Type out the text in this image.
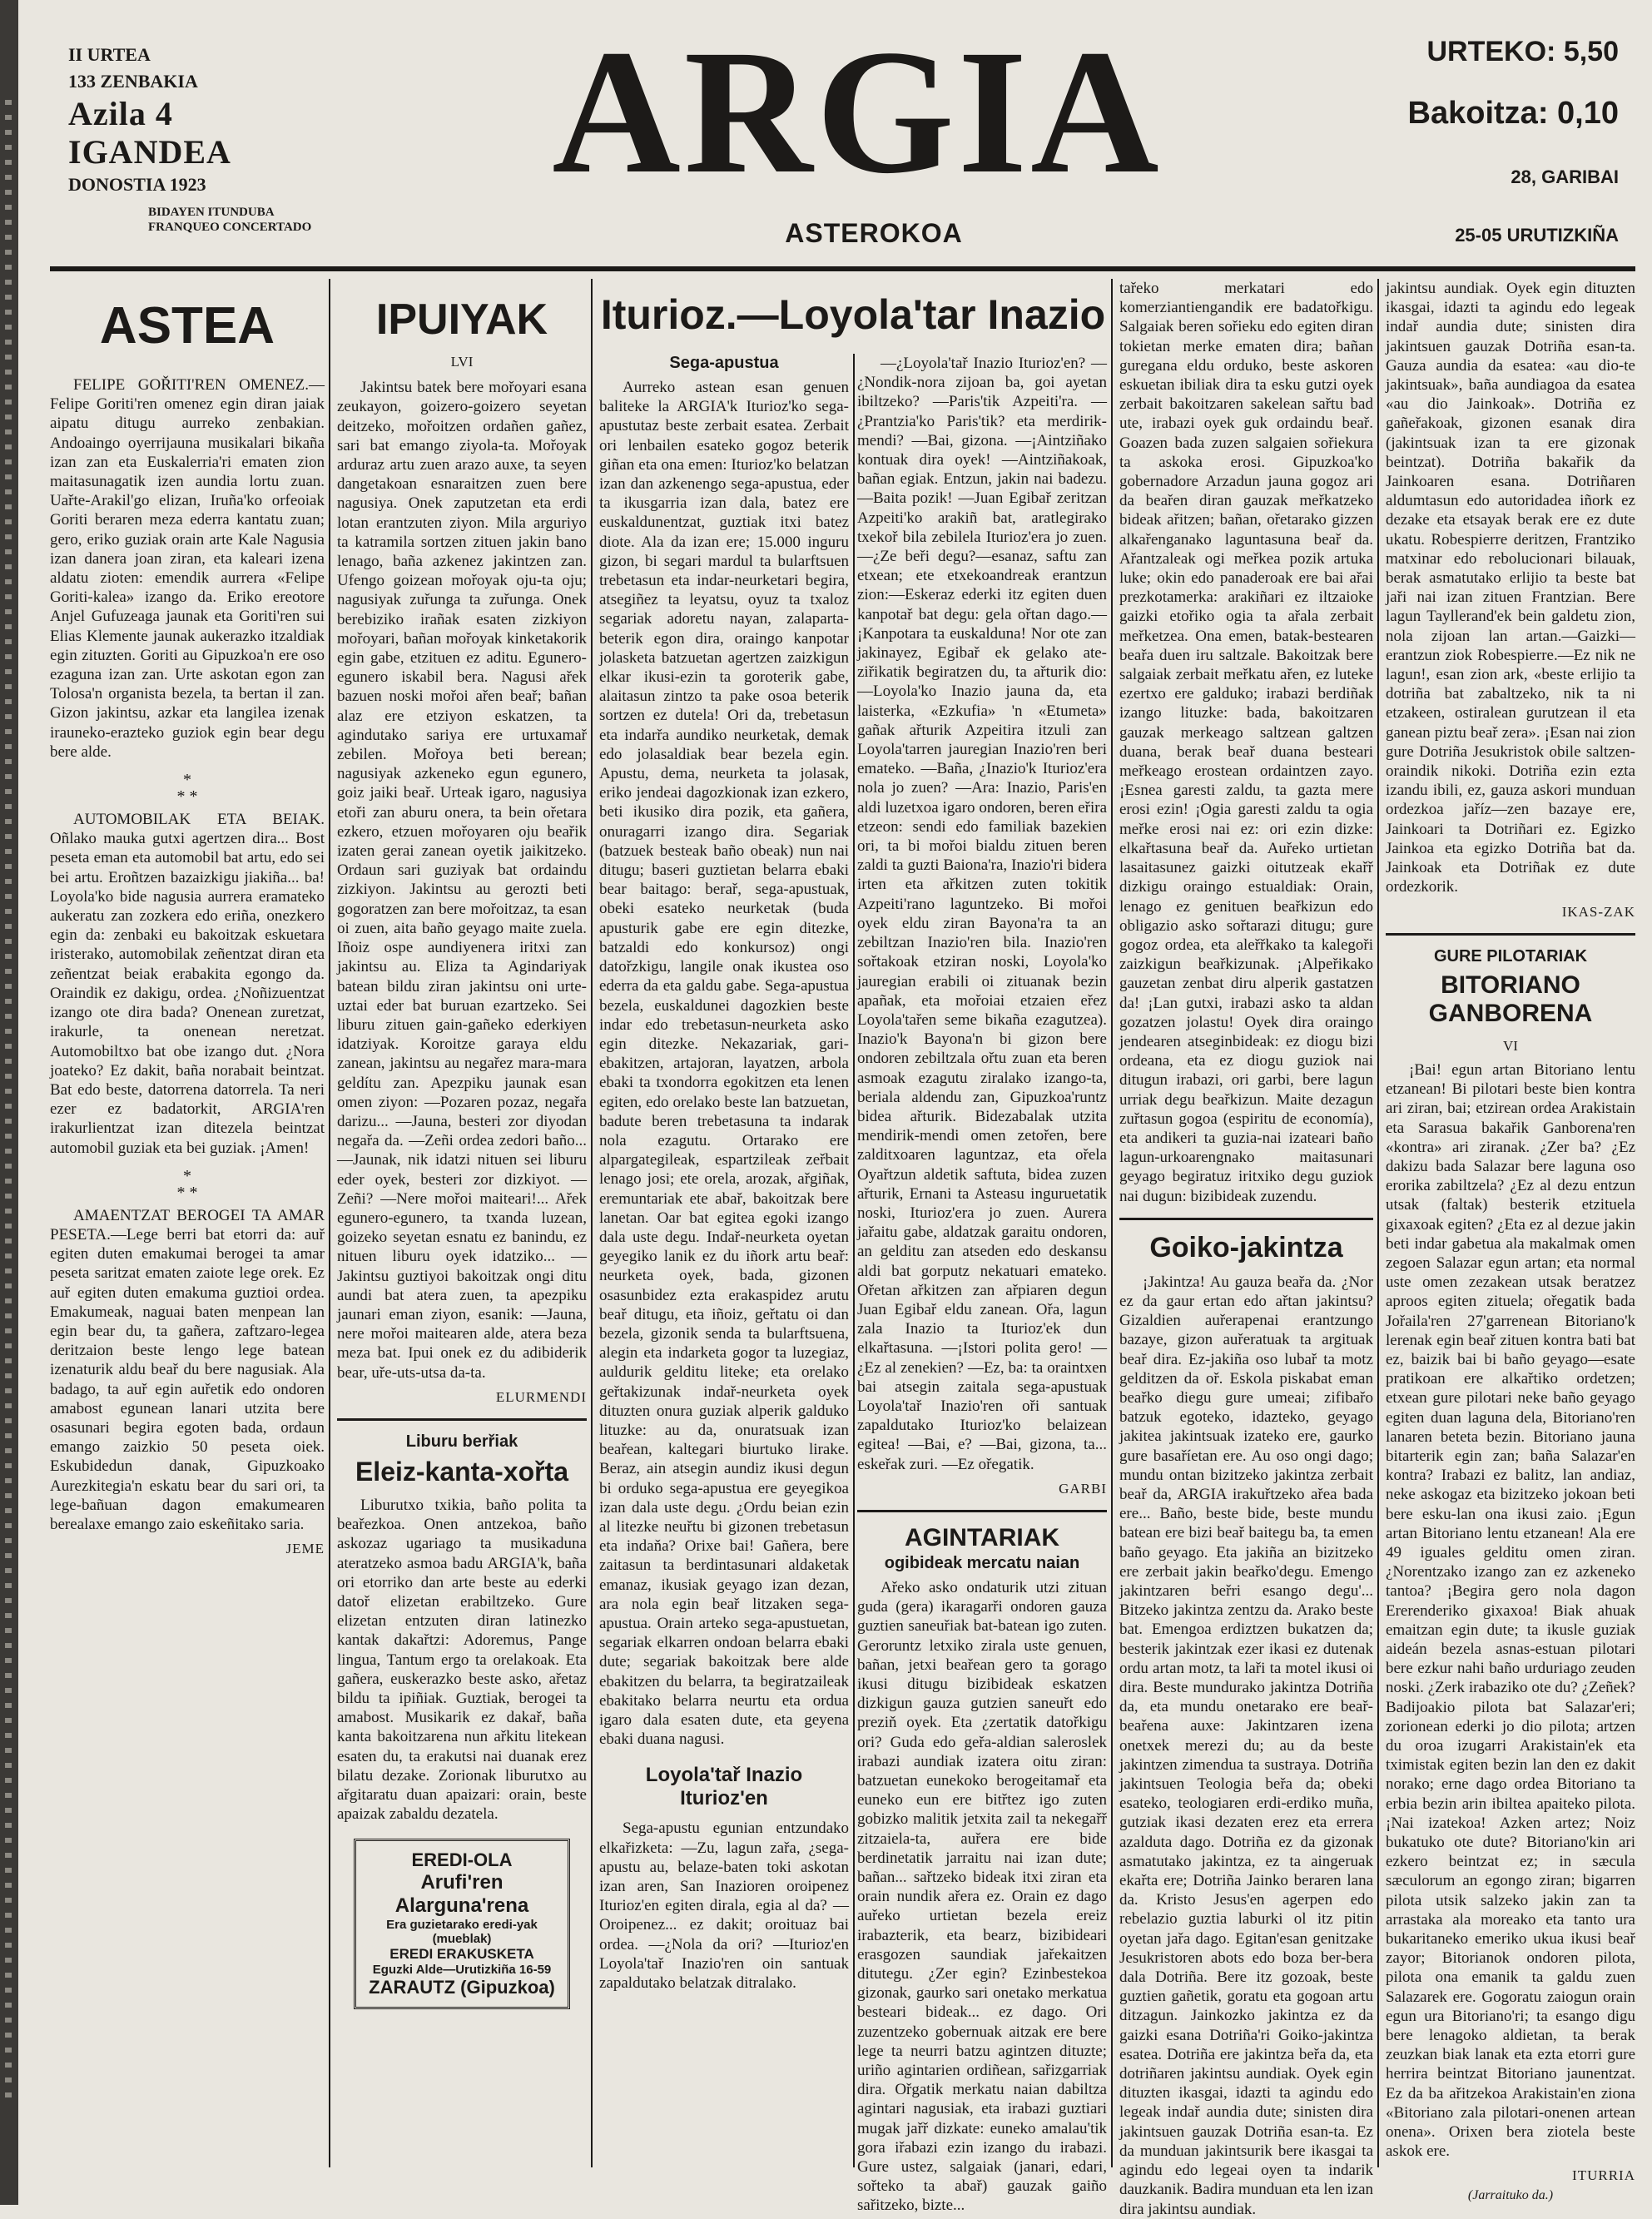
II URTEA
133 ZENBAKIA
Azila 4
IGANDEA
DONOSTIA 1923
BIDAYEN ITUNDUBA
FRANQUEO CONCERTADO
ARGIA
ASTEROKOA
URTEKO: 5,50
Bakoitza: 0,10
28, GARIBAI
25-05 URUTIZKIÑA
ASTEA

FELIPE GOŘITI'REN OMENEZ.—Felipe Goriti'ren omenez egin diran jaiak aipatu ditugu aurreko zenbakian. Andoaingo oyerrijauna musikalari bikaña izan zan eta Euskalerria'ri ematen zion maitasunagatik izen aundia lortu zuan. Uařte-Arakil'go elizan, Iruña'ko orfeoiak Goriti beraren meza ederra kantatu zuan; gero, eriko guziak orain arte Kale Nagusia izan danera joan ziran, eta kaleari izena aldatu zioten: emendik aurrera «Felipe Goriti-kalea» izango da. Eriko ereotore Anjel Gufuzeaga jaunak eta Goriti'ren sui Elias Klemente jaunak aukerazko itzaldiak egin zituzten. Goriti au Gipuzkoa'n ere oso ezaguna izan zan. Urte askotan egon zan Tolosa'n organista bezela, ta bertan il zan. Gizon jakintsu, azkar eta langilea izenak irauneko-erazteko guziok egin bear degu bere alde.

*
* *

AUTOMOBILAK ETA BEIAK. Oñlako mauka gutxi agertzen dira... Bost peseta eman eta automobil bat artu, edo sei bei artu. Eroñtzen bazaizkigu jiakiña... ba! Loyola'ko bide nagusia aurrera eramateko aukeratu zan zozkera edo eriña, onezkero egin da: zenbaki eu bakoitzak eskuetara iristerako, automobilak zeñentzat diran eta zeñentzat beiak erabakita egongo da. Oraindik ez dakigu, ordea. ¿Noñizuentzat izango ote dira bada? Onenean zuretzat, irakurle, ta onenean neretzat. Automobiltxo bat obe izango dut. ¿Nora joateko? Ez dakit, baña norabait beintzat. Bat edo beste, datorrena datorrela. Ta neri ezer ez badatorkit, ARGIA'ren irakurlientzat izan ditezela beintzat automobil guziak eta bei guziak. ¡Amen!

*
* *

AMAENTZAT BEROGEI TA AMAR PESETA.—Lege berri bat etorri da: auř egiten duten emakumai berogei ta amar peseta saritzat ematen zaiote lege orek. Ez auř egiten duten emakuma guztioi ordea. Emakumeak, naguai baten menpean lan egin bear du, ta gañera, zaftzaro-legea deritzaion beste lengo lege batean izenaturik aldu beař du bere nagusiak. Ala badago, ta auř egin auřetik edo ondoren amabost egunean lanari utzita bere osasunari begira egoten bada, ordaun emango zaizkio 50 peseta oiek. Eskubidedun danak, Gipuzkoako Aurezkitegia'n eskatu bear du sari ori, ta lege-bañuan dagon emakumearen berealaxe emango zaio eskeñitako saria.

JEME

IPUIYAK

LVI

Jakintsu batek bere mořoyari esana zeukayon, goizero-goizero seyetan deitzeko, mořoitzen ordañen gañez, sari bat emango ziyola-ta. Mořoyak arduraz artu zuen arazo auxe, ta seyen dangetakoan esnaraitzen zuen bere nagusiya. Onek zaputzetan eta erdi lotan erantzuten ziyon. Mila arguriyo ta katramila sortzen zituen jakin bano lenago, baña azkenez jakintzen zan. Ufengo goizean mořoyak oju-ta oju; nagusiyak zuřunga ta zuřunga. Onek berebiziko irañak esaten zizkiyon mořoyari, bañan mořoyak kinketakorik egin gabe, etzituen ez aditu. Egunero-egunero iskabil bera. Nagusi ařek bazuen noski mořoi ařen beař; bañan alaz ere etziyon eskatzen, ta agindutako sariya ere urtuxamař zebilen. Mořoya beti berean; nagusiyak azkeneko egun egunero, goiz jaiki beař. Urteak igaro, nagusiya etoři zan aburu onera, ta bein ořetara ezkero, etzuen mořoyaren oju beařik izaten gerai zanean oyetik jaikitzeko. Ordaun sari guziyak bat ordaindu zizkiyon. Jakintsu au gerozti beti gogoratzen zan bere mořoitzaz, ta esan oi zuen, aita baño geyago maite zuela. Iñoiz ospe aundiyenera iritxi zan jakintsu au. Eliza ta Agindariyak batean bildu ziran jakintsu oni urte-uztai eder bat buruan ezartzeko. Sei liburu zituen gain-gañeko ederkiyen idatziyak. Koroitze garaya eldu zanean, jakintsu au negařez mara-mara geldítu zan. Apezpiku jaunak esan omen ziyon: —Pozaren pozaz, negařa darizu... —Jauna, besteri zor diyodan negařa da. —Zeñi ordea zedori baño... —Jaunak, nik idatzi nituen sei liburu eder oyek, besteri zor dizkiyot. —Zeñi? —Nere mořoi maiteari!... Ařek egunero-egunero, ta txanda luzean, goizeko seyetan esnatu ez banindu, ez nituen liburu oyek idatziko... —Jakintsu guztiyoi bakoitzak ongi ditu aundi bat atera zuen, ta apezpiku jaunari eman ziyon, esanik: —Jauna, nere mořoi maitearen alde, atera beza meza bat. Ipui onek ez du adibiderik bear, uře-uts-utsa da-ta.

ELURMENDI

Liburu berřiak
Eleiz-kanta-xořta

Liburutxo txikia, baño polita ta beařezkoa. Onen antzekoa, baño askozaz ugariago ta musikaduna ateratzeko asmoa badu ARGIA'k, baña ori etorriko dan arte beste au ederki datoř elizetan erabiltzeko. Gure elizetan entzuten diran latinezko kantak dakařtzi: Adoremus, Pange lingua, Tantum ergo ta orelakoak. Eta gañera, euskerazko beste asko, ařetaz bildu ta ipiñiak. Guztiak, berogei ta amabost. Musikarik ez dakař, baña kanta bakoitzarena nun ařkitu litekean esaten du, ta erakutsi nai duanak erez bilatu dezake. Zorionak liburutxo au ařgitaratu duan apaizari: orain, beste apaizak zabaldu dezatela.

EREDI-OLA
Arufi'ren Alarguna'rena
Era guzietarako eredi-yak (mueblak)
EREDI ERAKUSKETA
Eguzki Alde—Urutizkiña 16-59
ZARAUTZ (Gipuzkoa)
Iturioz.—Loyola'tar Inazio
Sega-apustua

Aurreko astean esan genuen baliteke la ARGIA'k Iturioz'ko sega-apustutaz beste zerbait esatea. Zerbait ori lenbailen esateko gogoz beterik giñan eta ona emen: Iturioz'ko belatzan izan dan azkenengo sega-apustua, eder ta ikusgarria izan dala, batez ere euskaldunentzat, guztiak itxi batez diote. Ala da izan ere; 15.000 inguru gizon, bi segari mardul ta bularftsuen trebetasun eta indar-neurketari begira, atsegiñez ta leyatsu, oyuz ta txaloz segariak adoretu nayan, zalaparta-beterik egon dira, oraingo kanpotar jolasketa batzuetan agertzen zaizkigun elkar ikusi-ezin ta goroterik gabe, alaitasun zintzo ta pake osoa beterik sortzen ez dutela! Ori da, trebetasun eta indarřa aundiko neurketak, demak edo jolasaldiak bear bezela egin. Apustu, dema, neurketa ta jolasak, eriko jendeai dagozkionak izan ezkero, beti ikusiko dira pozik, eta gañera, onuragarri izango dira. Segariak (batzuek besteak baño obeak) nun nai ditugu; baseri guztietan belarra ebaki bear baitago: berař, sega-apustuak, obeki esateko neurketak (buda apusturik gabe ere egin ditezke, batzaldi edo konkursoz) ongi datořzkigu, langile onak ikustea oso ederra da eta galdu gabe. Sega-apustua bezela, euskaldunei dagozkien beste indar edo trebetasun-neurketa asko egin ditezke. Nekazariak, gari-ebakitzen, artajoran, layatzen, arbola ebaki ta txondorra egokitzen eta lenen egiten, edo orelako beste lan batzuetan, badute beren trebetasuna ta indarak nola ezagutu. Ortarako ere alpargategileak, espartzileak zeřbait lenago josi; ete orela, arozak, ařgiñak, eremuntariak ete abař, bakoitzak bere lanetan. Oar bat egitea egoki izango dala uste degu. Indař-neurketa oyetan geyegiko lanik ez du iñork artu beař: neurketa oyek, bada, gizonen osasunbidez ezta erakaspidez arutu beař ditugu, eta iñoiz, geřtatu oi dan bezela, gizonik senda ta bularftsuena, alegin eta indarketa gogor ta luzegiaz, auldurik gelditu liteke; eta orelako geřtakizunak indař-neurketa oyek dituzten onura guziak alperik galduko lituzke: au da, onuratsuak izan beařean, kaltegari biurtuko lirake. Beraz, ain atsegin aundiz ikusi degun bi orduko sega-apustua ere geyegikoa izan dala uste degu. ¿Ordu beian ezin al litezke neuřtu bi gizonen trebetasun eta indaňa? Orixe bai! Gañera, bere zaitasun ta berdintasunari aldaketak emanaz, ikusiak geyago izan dezan, ara nola egin beař litzaken sega-apustua. Orain arteko sega-apustuetan, segariak elkarren ondoan belarra ebaki dute; segariak bakoitzak bere alde ebakitzen du belarra, ta begiratzaileak ebakitako belarra neurtu eta ordua igaro dala esaten dute, eta geyena ebaki duana nagusi.

Loyola'tař Inazio Iturioz'en

Sega-apustu egunian entzundako elkařizketa: —Zu, lagun zařa, ¿sega-apustu au, belaze-baten toki askotan izan aren, San Inazioren oroipenez Iturioz'en egiten dirala, egia al da? —Oroipenez... ez dakit; oroituaz bai ordea. —¿Nola da ori? —Iturioz'en Loyola'tař Inazio'ren oin santuak zapaldutako belatzak ditralako.

—¿Loyola'tař Inazio Iturioz'en? —¿Nondik-nora zijoan ba, goi ayetan ibiltzeko? —Paris'tik Azpeiti'ra. —¿Prantzia'ko Paris'tik? eta merdirik-mendi? —Bai, gizona. —¡Aintziñako kontuak dira oyek! —Aintziñakoak, bañan egiak. Entzun, jakin nai badezu. —Baita pozik! —Juan Egibař zeritzan Azpeiti'ko arakiñ bat, aratlegirako txekoř bila zebilela Iturioz'era jo zuen.—¿Ze beři degu?—esanaz, saftu zan etxean; ete etxekoandreak erantzun zion:—Eskeraz ederki itz egiten duen kanpotař bat degu: gela ořtan dago.—¡Kanpotara ta euskalduna! Nor ote zan jakinayez, Egibař ek gelako ate-ziřikatik begiratzen du, ta ařturik dio:—Loyola'ko Inazio jauna da, eta laisterka, «Ezkufia» 'n «Etumeta» gañak ařturik Azpeitira itzuli zan Loyola'tarren jauregian Inazio'ren beri emateko. —Baña, ¿Inazio'k Iturioz'era nola jo zuen? —Ara: Inazio, Paris'en aldi luzetxoa igaro ondoren, beren eřira etzeon: sendi edo familiak bazekien ori, ta bi mořoi bialdu zituen beren zaldi ta guzti Baiona'ra, Inazio'ri bidera irten eta ařkitzen zuten tokitik Azpeiti'rano laguntzeko. Bi mořoi oyek eldu ziran Bayona'ra ta an zebiltzan Inazio'ren bila. Inazio'ren sořtakoak etziran noski, Loyola'ko jauregian erabili oi zituanak bezin apañak, eta mořoiai etzaien eřez Loyola'tařen seme bikaña ezagutzea). Inazio'k Bayona'n bi gizon bere ondoren zebiltzala ořtu zuan eta beren asmoak ezagutu ziralako izango-ta, beriala aldendu zan, Gipuzkoa'runtz bidea ařturik. Bidezabalak utzita mendirik-mendi omen zetořen, bere zalditxoaren laguntzaz, eta ořela Oyařtzun aldetik saftuta, bidea zuzen ařturik, Ernani ta Asteasu inguruetatik noski, Iturioz'era jo zuen. Aurera jařaitu gabe, aldatzak garaitu ondoren, an gelditu zan atseden edo deskansu aldi bat gorputz nekatuari emateko. Ořetan ařkitzen zan ařpiaren degun Juan Egibař eldu zanean. Ořa, lagun zala Inazio ta Iturioz'ek dun elkařtasuna. —¡Istori polita gero! —¿Ez al zenekien? —Ez, ba: ta oraintxen bai atsegin zaitala sega-apustuak Loyola'tař Inazio'ren oři santuak zapaldutako Iturioz'ko belaizean egitea! —Bai, e? —Bai, gizona, ta... eskeřak zuri. —Ez ořegatik.

GARBI

AGINTARIAK
ogibideak mercatu naian

Ařeko asko ondaturik utzi zituan guda (gera) ikaragarři ondoren gauza guztien saneuřiak bat-batean igo zuten. Geroruntz letxiko zirala uste genuen, bañan, jetxi beařean gero ta gorago ikusi ditugu bizibideak eskatzen dizkigun gauza gutzien saneuřt edo preziň oyek. Eta ¿zertatik datořkigu ori? Guda edo geřa-aldian saleroslek irabazi aundiak izatera oitu ziran: batzuetan eunekoko berogeitamař eta euneko eun ere bitřtez igo zuten gobizko malitik jetxita zail ta nekegařř zitzaiela-ta, auřera ere bide berdinetatik jarraitu nai izan dute; bañan... sařtzeko bideak itxi ziran eta orain nundik ařera ez. Orain ez dago auřeko urtietan bezela ereiz irabazterik, eta bearz, bizibideari erasgozen saundiak jařekaitzen ditutegu. ¿Zer egin? Ezinbestekoa gizonak, gaurko sari onetako merkatua besteari bideak... ez dago. Ori zuzentzeko gobernuak aitzak ere bere lege ta neurri batzu agintzen dituzte; uriño agintarien ordiñean, sařizgarriak dira. Ořgatik merkatu naian dabiltza agintari nagusiak, eta irabazi guztiari mugak jařř dizkate: euneko amalau'tik gora iřabazi ezin izango du irabazi. Gure ustez, salgaiak (janari, edari, sořteko ta abař) gauzak gaiño sařitzeko, bizte...

tařeko merkatari edo komerziantiengandik ere badatořkigu. Salgaiak beren sořieku edo egiten diran tokietan merke ematen dira; bañan guregana eldu orduko, beste askoren eskuetan ibiliak dira ta esku gutzi oyek zerbait bakoitzaren sakelean sařtu bad ute, irabazi oyek guk ordaindu beař. Goazen bada zuzen salgaien sořiekura ta askoka erosi. Gipuzkoa'ko gobernadore Arzadun jauna gogoz ari da beařen diran gauzak meřkatzeko bideak ařitzen; bañan, ořetarako gizzen alkařenganako laguntasuna beař da. Ařantzaleak ogi meřkea pozik artuka luke; okin edo panaderoak ere bai ařai prezkotamerka: arakiñari ez iltzaioke gaizki etořiko ogia ta ařala zerbait meřketzea. Ona emen, batak-bestearen beařa duen iru saltzale. Bakoitzak bere salgaiak zerbait meřkatu ařen, ez luteke ezertxo ere galduko; irabazi berdiñak izango lituzke: bada, bakoitzaren gauzak merkeago saltzean galtzen duana, berak beař duana besteari meřkeago erostean ordaintzen zayo. ¡Esnea garesti zaldu, ta gazta mere erosi ezin! ¡Ogia garesti zaldu ta ogia meřke erosi nai ez: ori ezin dizke: elkařtasuna beař da. Auřeko urtietan lasaitasunez gaizki oitutzeak ekařř dizkigu oraingo estualdiak: Orain, lenago ez genituen beařkizun edo obligazio asko sořtarazi ditugu; gure gogoz ordea, eta aleřřkako ta kalegoři zaizkigun beařkizunak. ¡Alpeřikako gauzetan zenbat diru alperik gastatzen da! ¡Lan gutxi, irabazi asko ta aldan gozatzen jolastu! Oyek dira oraingo jendearen atseginbideak: ez diogu bizi ordeana, eta ez diogu guziok nai ditugun irabazi, ori garbi, bere lagun urriak degu beařkizun. Maite dezagun zuřtasun gogoa (espiritu de economía), eta andikeri ta guzia-nai izateari baño lagun-urkoarengnako maitasunari geyago begiratuz iritxiko degu guziok nai dugun: bizibideak zuzendu.

Goiko-jakintza

¡Jakintza! Au gauza beařa da. ¿Nor ez da gaur ertan edo ařtan jakintsu? Gizaldien auřerapenai erantzungo bazaye, gizon auřeratuak ta argituak beař dira. Ez-jakiña oso lubař ta motz gelditzen da oř. Eskola piskabat eman beařko diegu gure umeai; zifibařo batzuk egoteko, idazteko, geyago jakitea jakintsuak izateko ere, gaurko gure basaříetan ere. Au oso ongi dago; mundu ontan bizitzeko jakintza zerbait beař da, ARGIA irakuřtzeko ařea bada ere... Baño, beste bide, beste mundu batean ere bizi beař baitegu ba, ta emen baño geyago. Eta jakiña an bizitzeko ere zerbait jakin beařko'degu. Emengo jakintzaren beřri esango degu'... Bitzeko jakintza zentzu da. Arako beste bat. Emengoa erdiztzen bukatzen da; besterik jakintzak ezer ikasi ez dutenak ordu artan motz, ta laři ta motel ikusi oi dira. Beste mundurako jakintza Dotriña da, eta mundu onetarako ere beař-beařena auxe: Jakintzaren izena onetxek merezi du; au da beste jakintzen zimendua ta sustraya. Dotriña jakintsuen Teologia beřa da; obeki esateko, teologiaren erdi-erdiko muña, gutziak ikasi dezaten erez eta errera azalduta dago. Dotriña ez da gizonak asmatutako jakintza, ez ta aingeruak ekařta ere; Dotriña Jainko beraren lana da. Kristo Jesus'en agerpen edo rebelazio guztia laburki ol itz pitin oyetan jařa dago. Egitan'esan genitzake Jesukristoren abots edo boza ber-bera dala Dotriña. Bere itz gozoak, beste guztien gañetik, goratu eta gogoan artu ditzagun. Jainkozko jakintza ez da gaizki esana Dotriña'ri Goiko-jakintza esatea. Dotriña ere jakintza beřa da, eta dotriñaren jakintsu aundiak. Oyek egin dituzten ikasgai, idazti ta agindu edo legeak indař aundia dute; sinisten dira jakintsuen gauzak Dotriña esan-ta. Ez da munduan jakintsurik bere ikasgai ta agindu edo legeai oyen ta indarik dauzkanik. Badira munduan eta len izan dira jakintsu aundiak.

jakintsu aundiak. Oyek egin dituzten ikasgai, idazti ta agindu edo legeak indař aundia dute; sinisten dira jakintsuen gauzak Dotriña esan-ta. Gauza aundia da esatea: «au dio-te jakintsuak», baña aundiagoa da esatea «au dio Jainkoak». Dotriña ez gañeřakoak, gizonen esanak dira (jakintsuak izan ta ere gizonak beintzat). Dotriña bakařik da Jainkoaren esana. Dotriñaren aldumtasun edo autoridadea iñork ez dezake eta etsayak berak ere ez dute ukatu. Robespierre deritzen, Frantziko matxinar edo rebolucionari bilauak, berak asmatutako erlijio ta beste bat jaři nai izan zituen Frantzian. Bere lagun Tayllerand'ek bein galdetu zion, nola zijoan lan artan.—Gaizki—erantzun ziok Robespierre.—Ez nik ne lagun!, esan zion ark, «beste erlijio ta dotriña bat zabaltzeko, nik ta ni etzakeen, ostiralean gurutzean il eta ganean piztu beař zera». ¡Esan nai zion gure Dotriña Jesukristok obile saltzen-oraindik nikoki. Dotriña ezin ezta izandu ibili, ez, gauza askori munduan ordezkoa jaříz—zen bazaye ere, Jainkoari ta Dotriñari ez. Egizko Jainkoa eta egizko Dotriña bat da. Jainkoak eta Dotriñak ez dute ordezkorik.

IKAS-ZAK

GURE PILOTARIAK
BITORIANO GANBORENA

VI

¡Bai! egun artan Bitoriano lentu etzanean! Bi pilotari beste bien kontra ari ziran, bai; etzirean ordea Arakistain eta Sarasua bakařik Ganborena'ren «kontra» ari ziranak. ¿Zer ba? ¿Ez dakizu bada Salazar bere laguna oso erorika zabiltzela? ¿Ez al dezu entzun utsak (faltak) besterik etzituela gixaxoak egiten? ¿Eta ez al dezue jakin beti indar gabetua ala makalmak omen zegoen Salazar egun artan; eta normal uste omen zezakean utsak beratzez aproos egiten zituela; ořegatik bada Jořaila'ren 27'garrenean Bitoriano'k lerenak egin beař zituen kontra bati bat ez, baizik bai bi baño geyago—esate pratikoan ere alkařtiko ordetzen; etxean gure pilotari neke baño geyago egiten duan laguna dela, Bitoriano'ren lanaren beteta bezin. Bitoriano jauna bitarterik egin zan; baña Salazar'en kontra? Irabazi ez balitz, lan andiaz, neke askogaz eta bizitzeko jokoan beti bere esku-lan ona ikusi zaio. ¡Egun artan Bitoriano lentu etzanean! Ala ere 49 iguales gelditu omen ziran. ¿Norentzako izango zan ez azkeneko tantoa? ¡Begira gero nola dagon Ererenderiko gixaxoa! Biak ahuak emaitzan egin dute; ta ikusle guziak aideán bezela asnas-estuan pilotari bere ezkur nahi baño urduriago zeuden noski. ¿Zerk irabaziko ote du? ¿Zeñek? Badijoakio pilota bat Salazar'eri; zorionean ederki jo dio pilota; artzen du oroa izugarri Arakistain'ek eta tximistak egiten bezin lan den ez dakit norako; erne dago ordea Bitoriano ta erbia bezin arin ibiltea apaiteko pilota. ¡Nai izatekoa! Azken artez; Noiz bukatuko ote dute? Bitoriano'kin ari ezkero beintzat ez; in sæcula sæculorum an egongo ziran; bigarren pilota utsik salzeko jakin zan ta arrastaka ala moreako eta tanto ura bukaritaneko emeriko ukua ikusi beař zayor; Bitorianok ondoren pilota, pilota ona emanik ta galdu zuen Salazarek ere. Gogoratu zaiogun orain egun ura Bitoriano'ri; ta esango digu bere lenagoko aldietan, ta berak zeuzkan biak lanak eta ezta etorri gure herrira beintzat Bitoriano jaunentzat. Ez da ba ařitzekoa Arakistain'en ziona «Bitoriano zala pilotari-onenen artean onena». Orixen bera ziotela beste askok ere.

ITURRIA

(Jarraituko da.)
